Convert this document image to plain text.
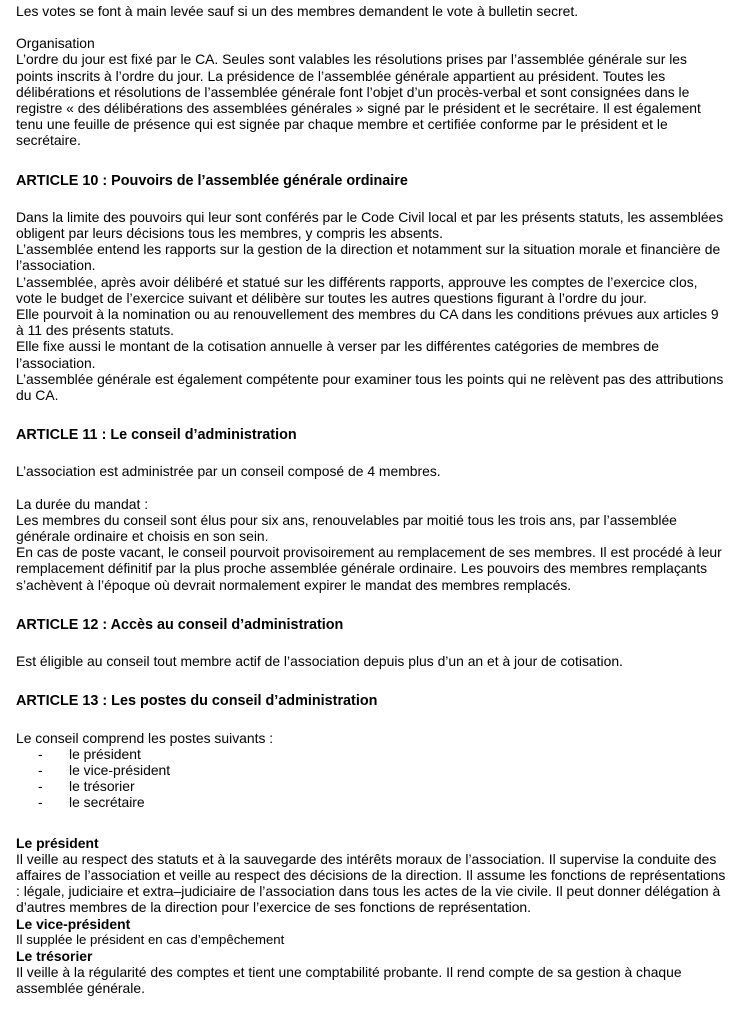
Les votes se font à main levée sauf si un des membres demandent le vote à bulletin secret.

Organisation

L’ordre du jour est fixé par le CA. Seules sont valables les résolutions prises par l’assemblée générale sur les points inscrits à l’ordre du jour. La présidence de l’assemblée générale appartient au président. Toutes les délibérations et résolutions de l’assemblée générale font l’objet d’un procès-verbal et sont consignées dans le registre « des délibérations des assemblées générales » signé par le président et le secrétaire. Il est également tenu une feuille de présence qui est signée par chaque membre et certifiée conforme par le président et le secrétaire.

ARTICLE 10 : Pouvoirs de l’assemblée générale ordinaire

Dans la limite des pouvoirs qui leur sont conférés par le Code Civil local et par les présents statuts, les assemblées obligent par leurs décisions tous les membres, y compris les absents.

L’assemblée entend les rapports sur la gestion de la direction et notamment sur la situation morale et financière de l’association.

L’assemblée, après avoir délibéré et statué sur les différents rapports, approuve les comptes de l’exercice clos, vote le budget de l’exercice suivant et délibère sur toutes les autres questions figurant à l’ordre du jour.

Elle pourvoit à la nomination ou au renouvellement des membres du CA dans les conditions prévues aux articles 9 à 11 des présents statuts.

Elle fixe aussi le montant de la cotisation annuelle à verser par les différentes catégories de membres de l’association.

L’assemblée générale est également compétente pour examiner tous les points qui ne relèvent pas des attributions du CA.

ARTICLE 11 : Le conseil d’administration

L’association est administrée par un conseil composé de 4 membres.

La durée du mandat :

Les membres du conseil sont élus pour six ans, renouvelables par moitié tous les trois ans, par l’assemblée générale ordinaire et choisis en son sein.

En cas de poste vacant, le conseil pourvoit provisoirement au remplacement de ses membres. Il est procédé à leur remplacement définitif par la plus proche assemblée générale ordinaire. Les pouvoirs des membres remplaçants s’achèvent à l’époque où devrait normalement expirer le mandat des membres remplacés.

ARTICLE 12 : Accès au conseil d’administration

Est éligible au conseil tout membre actif de l’association depuis plus d’un an et à jour de cotisation.

ARTICLE 13 : Les postes du conseil d’administration

Le conseil comprend les postes suivants :

- le président
- le vice-président
- le trésorier
- le secrétaire

Le président

Il veille au respect des statuts et à la sauvegarde des intérêts moraux de l’association. Il supervise la conduite des affaires de l’association et veille au respect des décisions de la direction. Il assume les fonctions de représentations : légale, judiciaire et extra–judiciaire de l’association dans tous les actes de la vie civile. Il peut donner délégation à d’autres membres de la direction pour l’exercice de ses fonctions de représentation.

Le vice-président

Il supplée le président en cas d’empêchement

Le trésorier

Il veille à la régularité des comptes et tient une comptabilité probante. Il rend compte de sa gestion à chaque assemblée générale.
